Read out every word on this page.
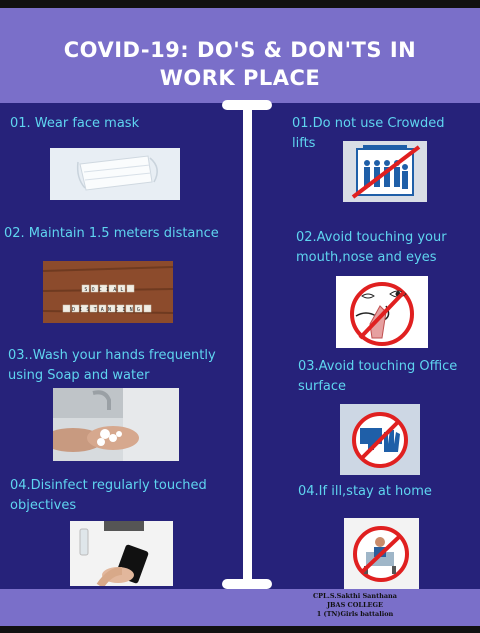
COVID-19: DO'S & DON'TS IN
WORK PLACE
01. Wear face mask
02. Maintain 1.5 meters distance
SOCIAL
DISTANCING
03..Wash your hands frequently using Soap and water
04.Disinfect regularly touched objectives
01.Do not use Crowded lifts
02.Avoid touching your mouth,nose and eyes
03.Avoid touching Office surface
04.If ill,stay at home
CPL.S.Sakthi Santhana
JBAS COLLEGE
1 (TN)Girls battalion
